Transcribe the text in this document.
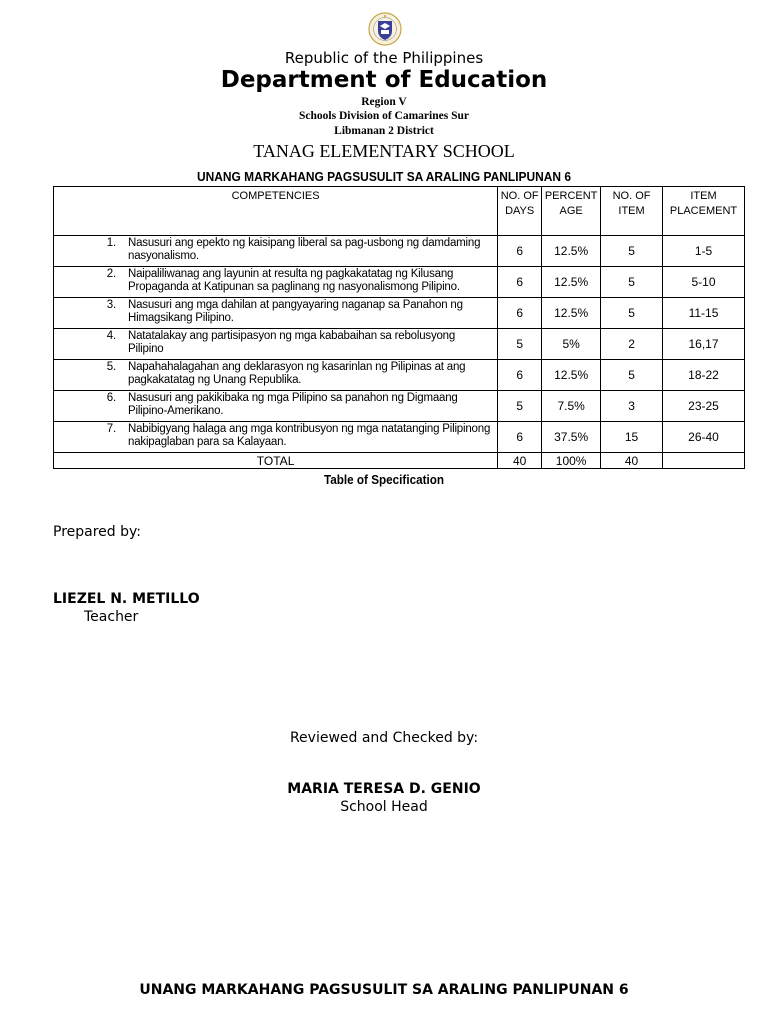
Republic of the Philippines
Department of Education
Region V
Schools Division of Camarines Sur
Libmanan 2 District
TANAG ELEMENTARY SCHOOL
UNANG MARKAHANG PAGSUSULIT SA ARALING PANLIPUNAN 6
COMPETENCIES	NO. OF DAYS	PERCENT AGE	NO. OF ITEM	ITEM PLACEMENT

1. Nasusuri ang epekto ng kaisipang liberal sa pag-usbong ng damdaming nasyonalismo.	6	12.5%	5	1-5

2. Naipaliliwanag ang layunin at resulta ng pagkakatatag ng Kilusang Propaganda at Katipunan sa paglinang ng nasyonalismong Pilipino.	6	12.5%	5	5-10

3. Nasusuri ang mga dahilan at pangyayaring naganap sa Panahon ng Himagsikang Pilipino.	6	12.5%	5	11-15

4. Natatalakay ang partisipasyon ng mga kababaihan sa rebolusyong Pilipino	5	5%	2	16,17

5. Napahahalagahan ang deklarasyon ng kasarinlan ng Pilipinas at ang pagkakatatag ng Unang Republika.	6	12.5%	5	18-22

6. Nasusuri ang pakikibaka ng mga Pilipino sa panahon ng Digmaang Pilipino-Amerikano.	5	7.5%	3	23-25

7. Nabibigyang halaga ang mga kontribusyon ng mga natatanging Pilipinong nakipaglaban para sa Kalayaan.	6	37.5%	15	26-40
TOTAL	40	100%	40	
Table of Specification
Prepared by:
LIEZEL N. METILLO
Teacher
Reviewed and Checked by:
MARIA TERESA D. GENIO
School Head
UNANG MARKAHANG PAGSUSULIT SA ARALING PANLIPUNAN 6
